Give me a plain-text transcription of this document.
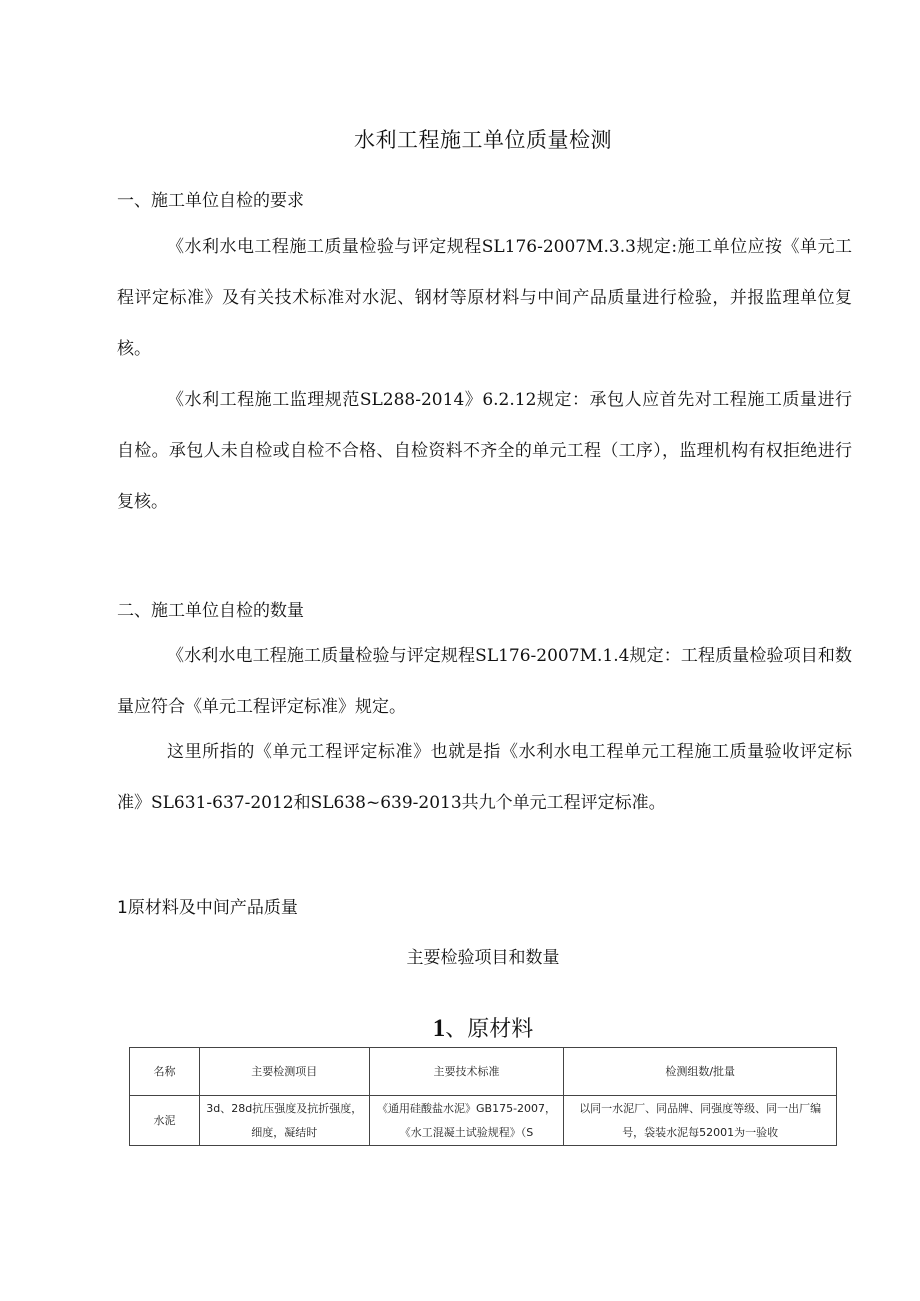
水利工程施工单位质量检测
一、施工单位自检的要求
《水利水电工程施工质量检验与评定规程SL176-2007M.3.3规定:施工单位应按《单元工程评定标准》及有关技术标准对水泥、钢材等原材料与中间产品质量进行检验，并报监理单位复核。
《水利工程施工监理规范SL288-2014》6.2.12规定：承包人应首先对工程施工质量进行自检。承包人未自检或自检不合格、自检资料不齐全的单元工程（工序），监理机构有权拒绝进行复核。
二、施工单位自检的数量
《水利水电工程施工质量检验与评定规程SL176-2007M.1.4规定：工程质量检验项目和数量应符合《单元工程评定标准》规定。
这里所指的《单元工程评定标准》也就是指《水利水电工程单元工程施工质量验收评定标准》SL631-637-2012和SL638~639-2013共九个单元工程评定标准。
1原材料及中间产品质量
主要检验项目和数量
1、原材料
名称	主要检测项目	主要技术标准	检测组数/批量
水泥	3d、28d抗压强度及抗折强度，细度，凝结时	《通用硅酸盐水泥》GB175-2007，《水工混凝土试验规程》（S	以同一水泥厂、同品牌、同强度等级、同一出厂编号，袋装水泥每52001为一验收
